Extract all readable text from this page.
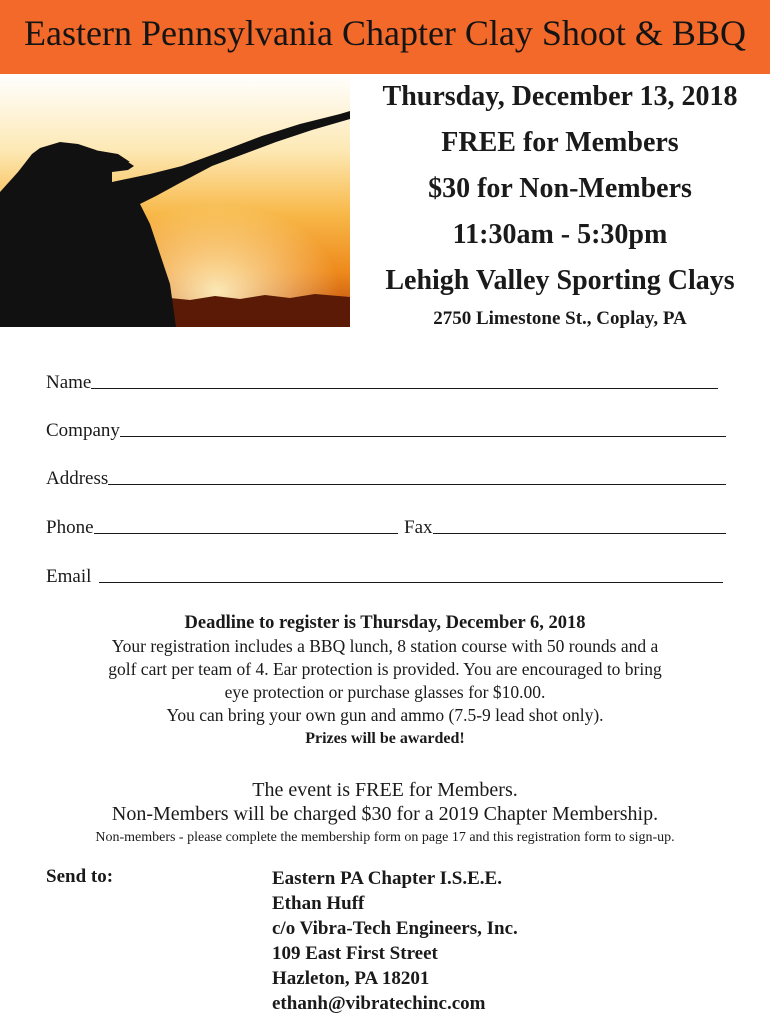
Eastern Pennsylvania Chapter Clay Shoot & BBQ
Thursday, December 13, 2018
FREE for Members
$30 for Non-Members
11:30am - 5:30pm
Lehigh Valley Sporting Clays
2750 Limestone St., Coplay, PA
Name
Company
Address
Phone	Fax
Email
Deadline to register is Thursday, December 6, 2018
Your registration includes a BBQ lunch, 8 station course with 50 rounds and a
golf cart per team of 4. Ear protection is provided. You are encouraged to bring
eye protection or purchase glasses for $10.00.
You can bring your own gun and ammo (7.5-9 lead shot only).
Prizes will be awarded!
The event is FREE for Members.
Non-Members will be charged $30 for a 2019 Chapter Membership.
Non-members - please complete the membership form on page 17 and this registration form to sign-up.
Send to:	Eastern PA Chapter I.S.E.E.
Ethan Huff
c/o Vibra-Tech Engineers, Inc.
109 East First Street
Hazleton, PA 18201
ethanh@vibratechinc.com
